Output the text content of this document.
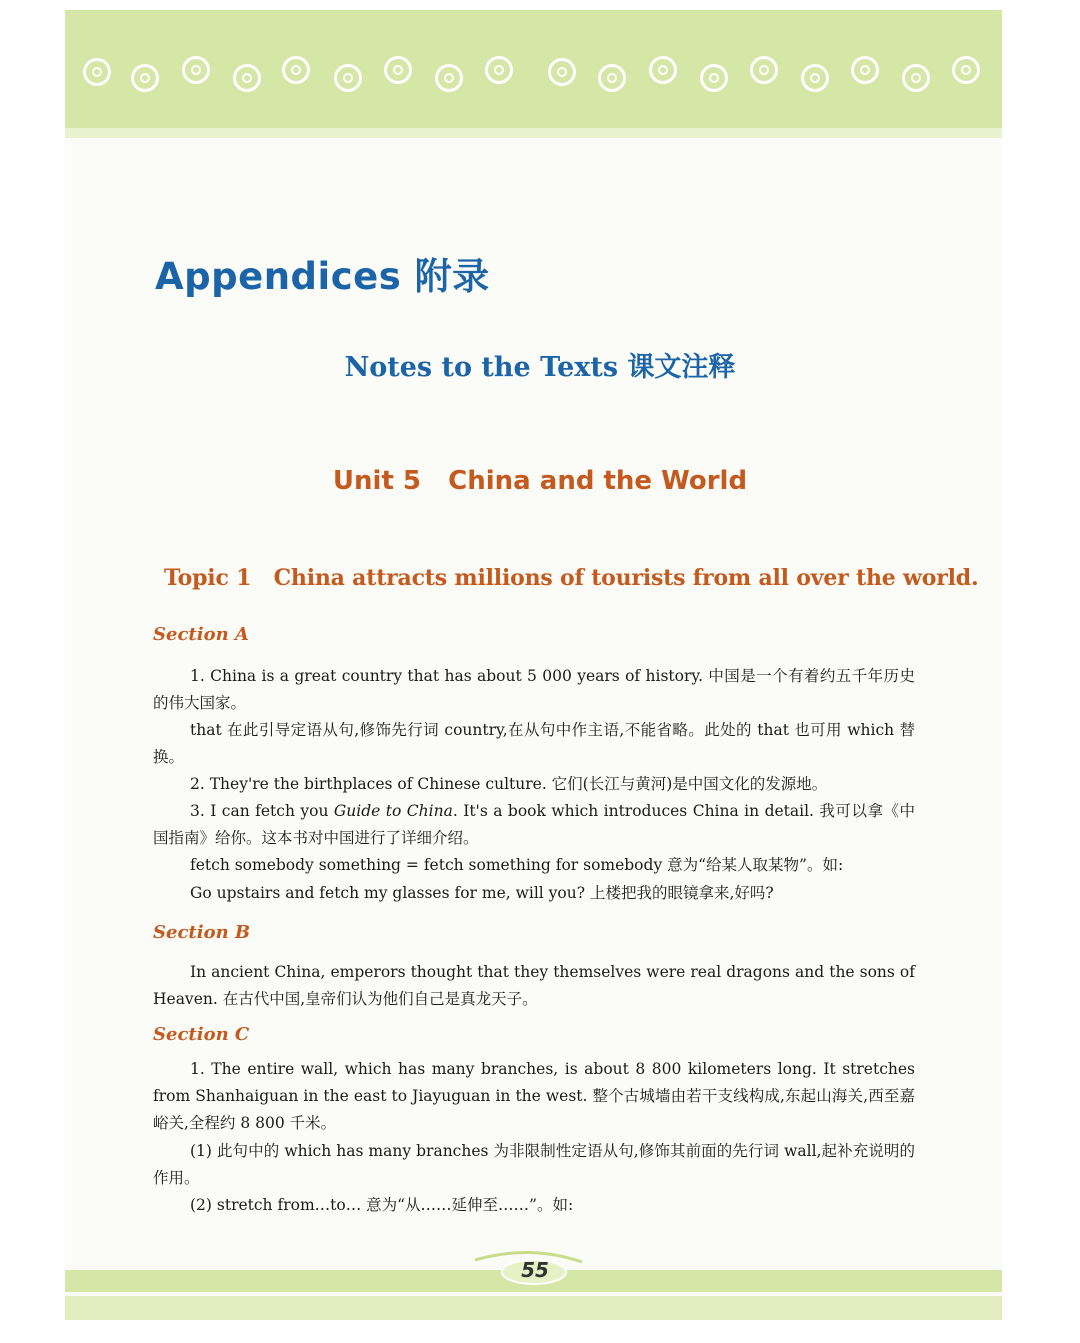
Appendices 附录
Notes to the Texts 课文注释
Unit 5   China and the World
Topic 1   China attracts millions of tourists from all over the world.
Section A
1. China is a great country that has about 5 000 years of history. 中国是一个有着约五千年历史的伟大国家。
that 在此引导定语从句,修饰先行词 country,在从句中作主语,不能省略。此处的 that 也可用 which 替换。
2. They're the birthplaces of Chinese culture. 它们(长江与黄河)是中国文化的发源地。
3. I can fetch you Guide to China. It's a book which introduces China in detail. 我可以拿《中国指南》给你。这本书对中国进行了详细介绍。
fetch somebody something = fetch something for somebody 意为“给某人取某物”。如:
Go upstairs and fetch my glasses for me, will you? 上楼把我的眼镜拿来,好吗?
Section B
In ancient China, emperors thought that they themselves were real dragons and the sons of Heaven. 在古代中国,皇帝们认为他们自己是真龙天子。
Section C
1. The entire wall, which has many branches, is about 8 800 kilometers long. It stretches from Shanhaiguan in the east to Jiayuguan in the west. 整个古城墙由若干支线构成,东起山海关,西至嘉峪关,全程约 8 800 千米。
(1) 此句中的 which has many branches 为非限制性定语从句,修饰其前面的先行词 wall,起补充说明的作用。
(2) stretch from…to… 意为“从……延伸至……”。如:
55
